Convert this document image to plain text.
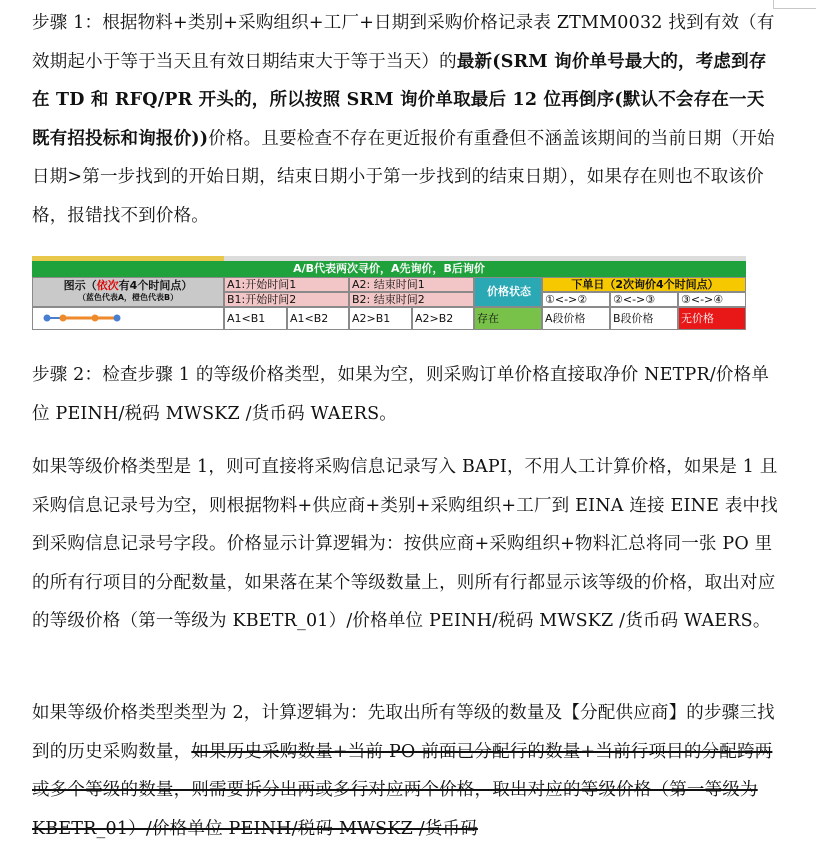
步骤 1：根据物料+类别+采购组织+工厂+日期到采购价格记录表 ZTMM0032 找到有效（有效期起小于等于当天且有效日期结束大于等于当天）的最新(SRM 询价单号最大的，考虑到存在 TD 和 RFQ/PR 开头的，所以按照 SRM 询价单取最后 12 位再倒序(默认不会存在一天既有招投标和询报价))价格。且要检查不存在更近报价有重叠但不涵盖该期间的当前日期（开始日期>第一步找到的开始日期，结束日期小于第一步找到的结束日期），如果存在则也不取该价格，报错找不到价格。

A/B代表两次寻价，A先询价，B后询价
图示（依次有4个时间点）
（蓝色代表A，橙色代表B）
A1:开始时间1	A2: 结束时间1
B1:开始时间2	B2: 结束时间2
价格状态
下单日（2次询价4个时间点）
①<->②	②<->③	③<->④
A1<B1	A1<B2	A2>B1	A2>B2	存在	A段价格	B段价格	无价格

步骤 2：检查步骤 1 的等级价格类型，如果为空，则采购订单价格直接取净价 NETPR/价格单位 PEINH/税码 MWSKZ /货币码 WAERS。

如果等级价格类型是 1，则可直接将采购信息记录写入 BAPI，不用人工计算价格，如果是 1 且采购信息记录号为空，则根据物料+供应商+类别+采购组织+工厂到 EINA 连接 EINE 表中找到采购信息记录号字段。价格显示计算逻辑为：按供应商+采购组织+物料汇总将同一张 PO 里的所有行项目的分配数量，如果落在某个等级数量上，则所有行都显示该等级的价格，取出对应的等级价格（第一等级为 KBETR_01）/价格单位 PEINH/税码 MWSKZ /货币码 WAERS。

如果等级价格类型类型为 2，计算逻辑为：先取出所有等级的数量及【分配供应商】的步骤三找到的历史采购数量，如果历史采购数量+当前 PO 前面已分配行的数量+当前行项目的分配跨两或多个等级的数量，则需要拆分出两或多行对应两个价格，取出对应的等级价格（第一等级为 KBETR_01）/价格单位 PEINH/税码 MWSKZ /货币码
